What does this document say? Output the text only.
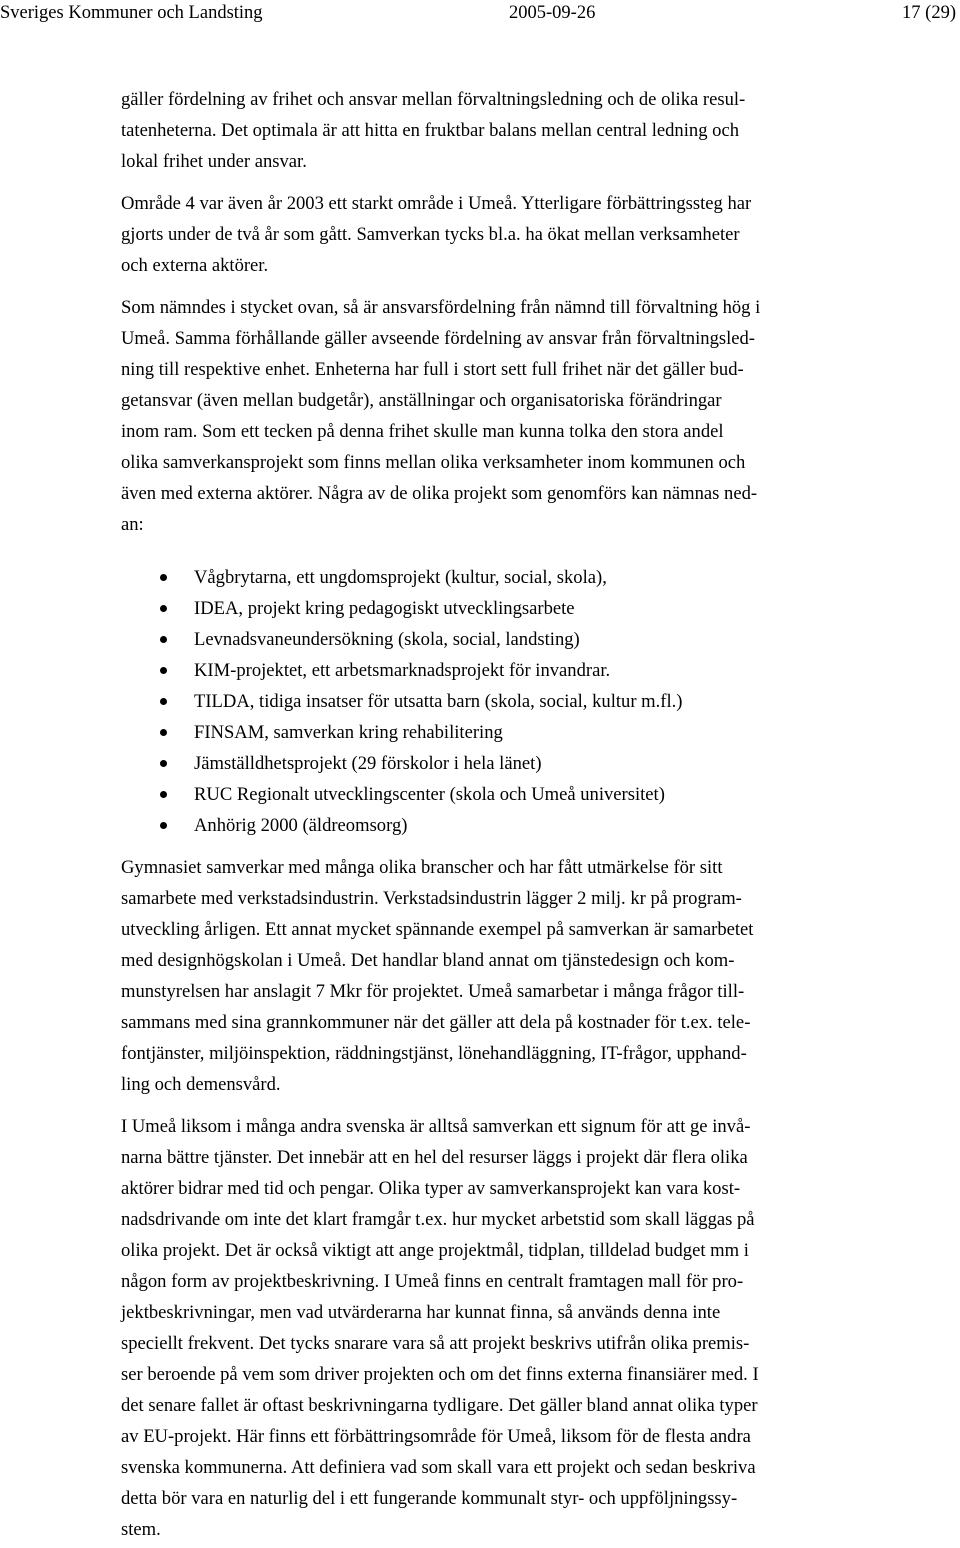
Sveriges Kommuner och Landsting	2005-09-26	17 (29)
gäller fördelning av frihet och ansvar mellan förvaltningsledning och de olika resul-
tatenheterna. Det optimala är att hitta en fruktbar balans mellan central ledning och
lokal frihet under ansvar.
Område 4 var även år 2003 ett starkt område i Umeå. Ytterligare förbättringssteg har
gjorts under de två år som gått. Samverkan tycks bl.a. ha ökat mellan verksamheter
och externa aktörer.
Som nämndes i stycket ovan, så är ansvarsfördelning från nämnd till förvaltning hög i
Umeå. Samma förhållande gäller avseende fördelning av ansvar från förvaltningsled-
ning till respektive enhet. Enheterna har full i stort sett full frihet när det gäller bud-
getansvar (även mellan budgetår), anställningar och organisatoriska förändringar
inom ram. Som ett tecken på denna frihet skulle man kunna tolka den stora andel
olika samverkansprojekt som finns mellan olika verksamheter inom kommunen och
även med externa aktörer. Några av de olika projekt som genomförs kan nämnas ned-
an:
Vågbrytarna, ett ungdomsprojekt (kultur, social, skola),
IDEA, projekt kring pedagogiskt utvecklingsarbete
Levnadsvaneundersökning (skola, social, landsting)
KIM-projektet, ett arbetsmarknadsprojekt för invandrar.
TILDA, tidiga insatser för utsatta barn (skola, social, kultur m.fl.)
FINSAM, samverkan kring rehabilitering
Jämställdhetsprojekt (29 förskolor i hela länet)
RUC Regionalt utvecklingscenter (skola och Umeå universitet)
Anhörig 2000 (äldreomsorg)
Gymnasiet samverkar med många olika branscher och har fått utmärkelse för sitt
samarbete med verkstadsindustrin. Verkstadsindustrin lägger 2 milj. kr på program-
utveckling årligen. Ett annat mycket spännande exempel på samverkan är samarbetet
med designhögskolan i Umeå. Det handlar bland annat om tjänstedesign och kom-
munstyrelsen har anslagit 7 Mkr för projektet. Umeå samarbetar i många frågor till-
sammans med sina grannkommuner när det gäller att dela på kostnader för t.ex. tele-
fontjänster, miljöinspektion, räddningstjänst, lönehandläggning, IT-frågor, upphand-
ling och demensvård.
I Umeå liksom i många andra svenska är alltså samverkan ett signum för att ge invå-
narna bättre tjänster. Det innebär att en hel del resurser läggs i projekt där flera olika
aktörer bidrar med tid och pengar. Olika typer av samverkansprojekt kan vara kost-
nadsdrivande om inte det klart framgår t.ex. hur mycket arbetstid som skall läggas på
olika projekt. Det är också viktigt att ange projektmål, tidplan, tilldelad budget mm i
någon form av projektbeskrivning. I Umeå finns en centralt framtagen mall för pro-
jektbeskrivningar, men vad utvärderarna har kunnat finna, så används denna inte
speciellt frekvent. Det tycks snarare vara så att projekt beskrivs utifrån olika premis-
ser beroende på vem som driver projekten och om det finns externa finansiärer med. I
det senare fallet är oftast beskrivningarna tydligare. Det gäller bland annat olika typer
av EU-projekt. Här finns ett förbättringsområde för Umeå, liksom för de flesta andra
svenska kommunerna. Att definiera vad som skall vara ett projekt och sedan beskriva
detta bör vara en naturlig del i ett fungerande kommunalt styr- och uppföljningssy-
stem.
